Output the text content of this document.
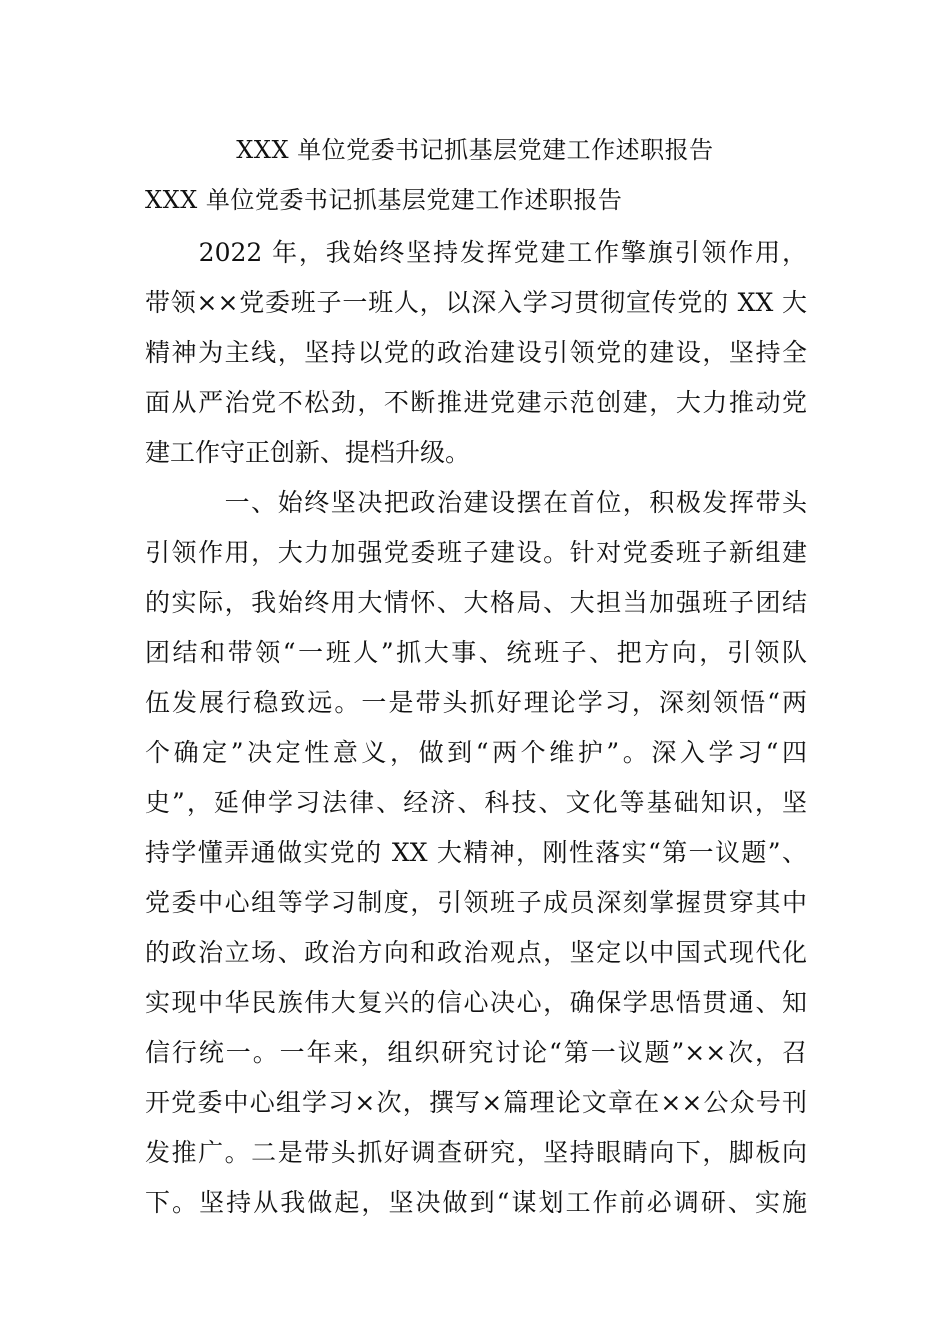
XXX 单位党委书记抓基层党建工作述职报告
XXX 单位党委书记抓基层党建工作述职报告
　　2022 年，我始终坚持发挥党建工作擎旗引领作用，
带领××党委班子一班人，以深入学习贯彻宣传党的 XX 大
精神为主线，坚持以党的政治建设引领党的建设，坚持全
面从严治党不松劲，不断推进党建示范创建，大力推动党
建工作守正创新、提档升级。
　　　一、始终坚决把政治建设摆在首位，积极发挥带头
引领作用，大力加强党委班子建设。针对党委班子新组建
的实际，我始终用大情怀、大格局、大担当加强班子团结
团结和带领“一班人”抓大事、统班子、把方向，引领队
伍发展行稳致远。一是带头抓好理论学习，深刻领悟“两
个确定”决定性意义，做到“两个维护”。深入学习“四
史”，延伸学习法律、经济、科技、文化等基础知识，坚
持学懂弄通做实党的 XX 大精神，刚性落实“第一议题”、
党委中心组等学习制度，引领班子成员深刻掌握贯穿其中
的政治立场、政治方向和政治观点，坚定以中国式现代化
实现中华民族伟大复兴的信心决心，确保学思悟贯通、知
信行统一。一年来，组织研究讨论“第一议题”××次，召
开党委中心组学习×次，撰写×篇理论文章在××公众号刊
发推广。二是带头抓好调查研究，坚持眼睛向下，脚板向
下。坚持从我做起，坚决做到“谋划工作前必调研、实施
